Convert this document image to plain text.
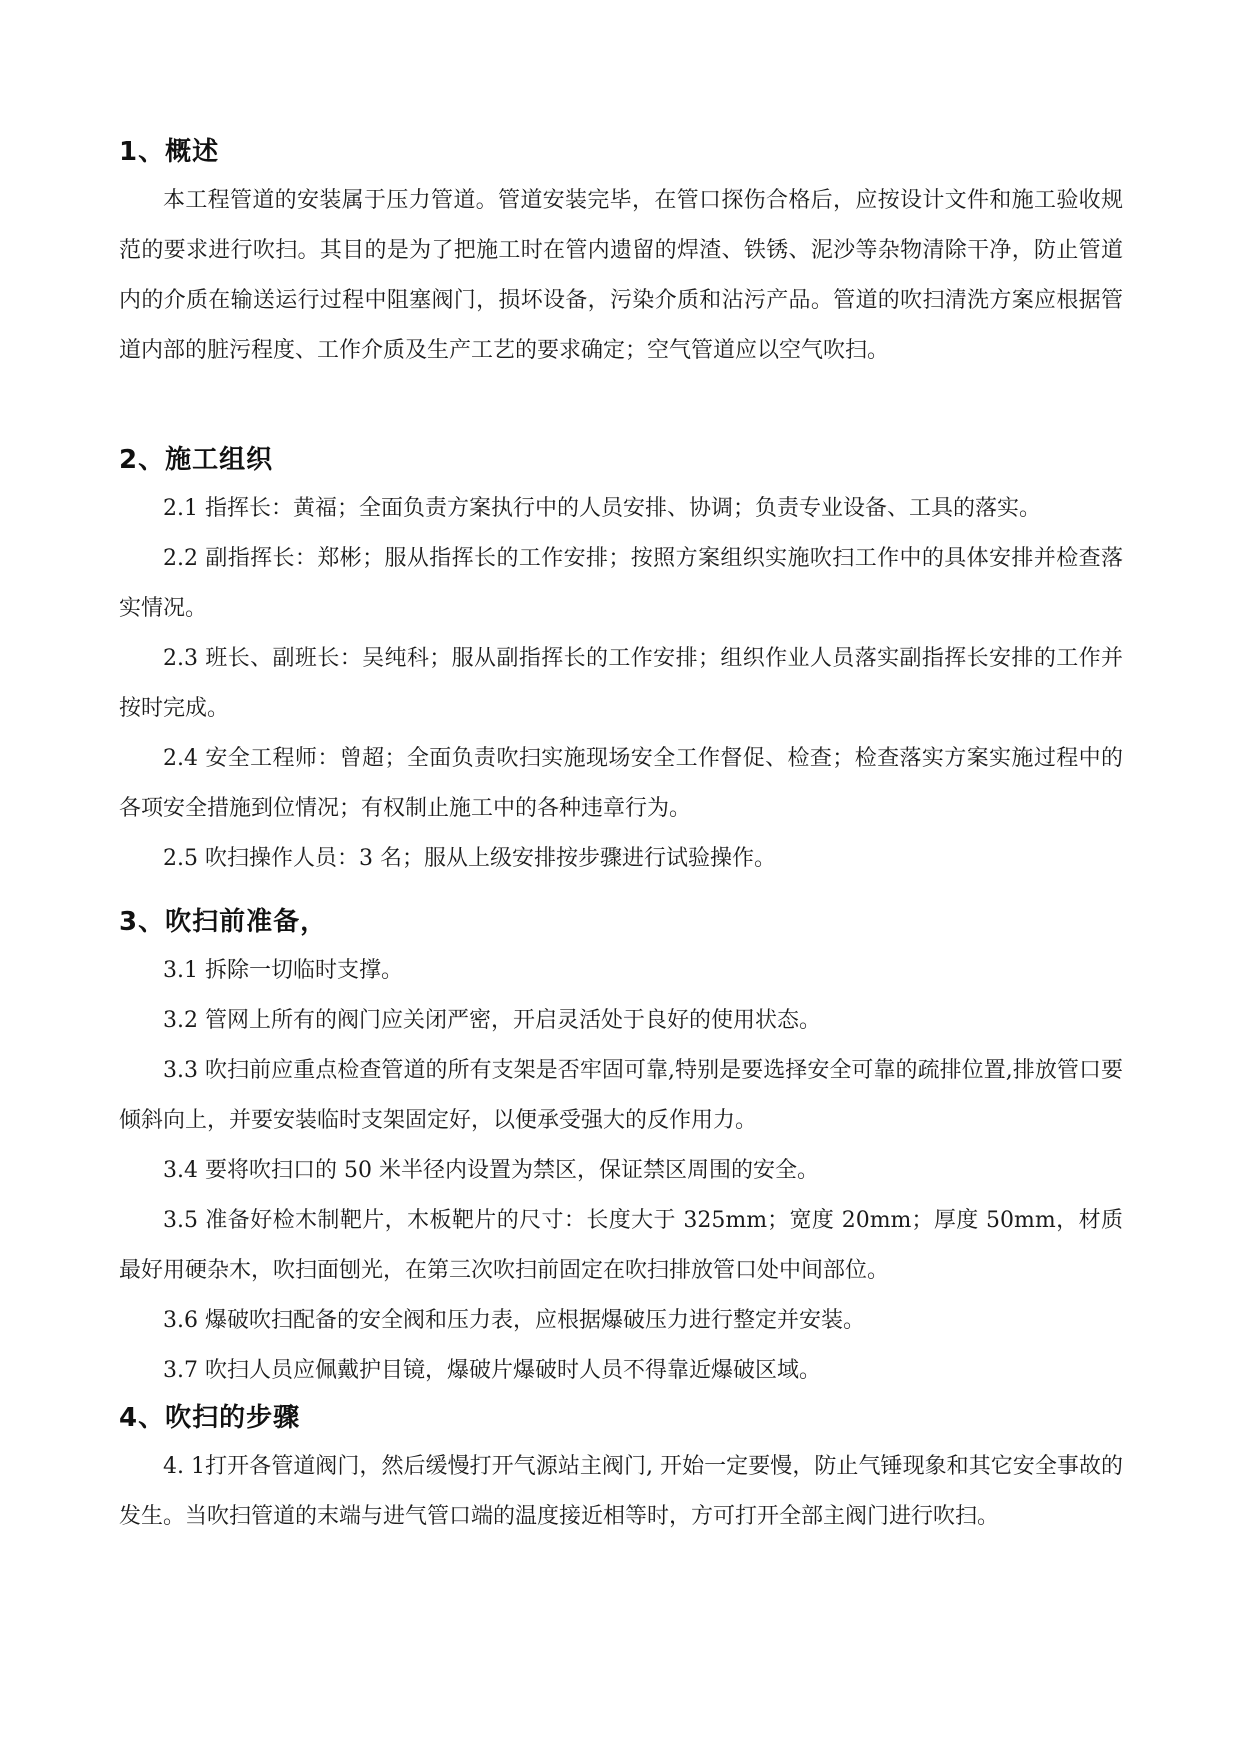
1、概述

本工程管道的安装属于压力管道。管道安装完毕，在管口探伤合格后，应按设计文件和施工验收规范的要求进行吹扫。其目的是为了把施工时在管内遗留的焊渣、铁锈、泥沙等杂物清除干净，防止管道内的介质在输送运行过程中阻塞阀门，损坏设备，污染介质和沾污产品。管道的吹扫清洗方案应根据管道内部的脏污程度、工作介质及生产工艺的要求确定；空气管道应以空气吹扫。

2、施工组织

2.1 指挥长：黄福；全面负责方案执行中的人员安排、协调；负责专业设备、工具的落实。

2.2 副指挥长：郑彬；服从指挥长的工作安排；按照方案组织实施吹扫工作中的具体安排并检查落实情况。

2.3 班长、副班长：吴纯科；服从副指挥长的工作安排；组织作业人员落实副指挥长安排的工作并按时完成。

2.4 安全工程师：曾超；全面负责吹扫实施现场安全工作督促、检查；检查落实方案实施过程中的各项安全措施到位情况；有权制止施工中的各种违章行为。

2.5 吹扫操作人员：3 名；服从上级安排按步骤进行试验操作。

3、吹扫前准备，

3.1 拆除一切临时支撑。

3.2 管网上所有的阀门应关闭严密，开启灵活处于良好的使用状态。

3.3 吹扫前应重点检查管道的所有支架是否牢固可靠,特别是要选择安全可靠的疏排位置,排放管口要倾斜向上，并要安装临时支架固定好，以便承受强大的反作用力。

3.4 要将吹扫口的 50 米半径内设置为禁区，保证禁区周围的安全。

3.5 准备好检木制靶片，木板靶片的尺寸：长度大于 325mm；宽度 20mm；厚度 50mm，材质最好用硬杂木，吹扫面刨光，在第三次吹扫前固定在吹扫排放管口处中间部位。

3.6 爆破吹扫配备的安全阀和压力表，应根据爆破压力进行整定并安装。

3.7 吹扫人员应佩戴护目镜，爆破片爆破时人员不得靠近爆破区域。

4、吹扫的步骤

4. 1打开各管道阀门，然后缓慢打开气源站主阀门, 开始一定要慢，防止气锤现象和其它安全事故的发生。当吹扫管道的末端与进气管口端的温度接近相等时，方可打开全部主阀门进行吹扫。
